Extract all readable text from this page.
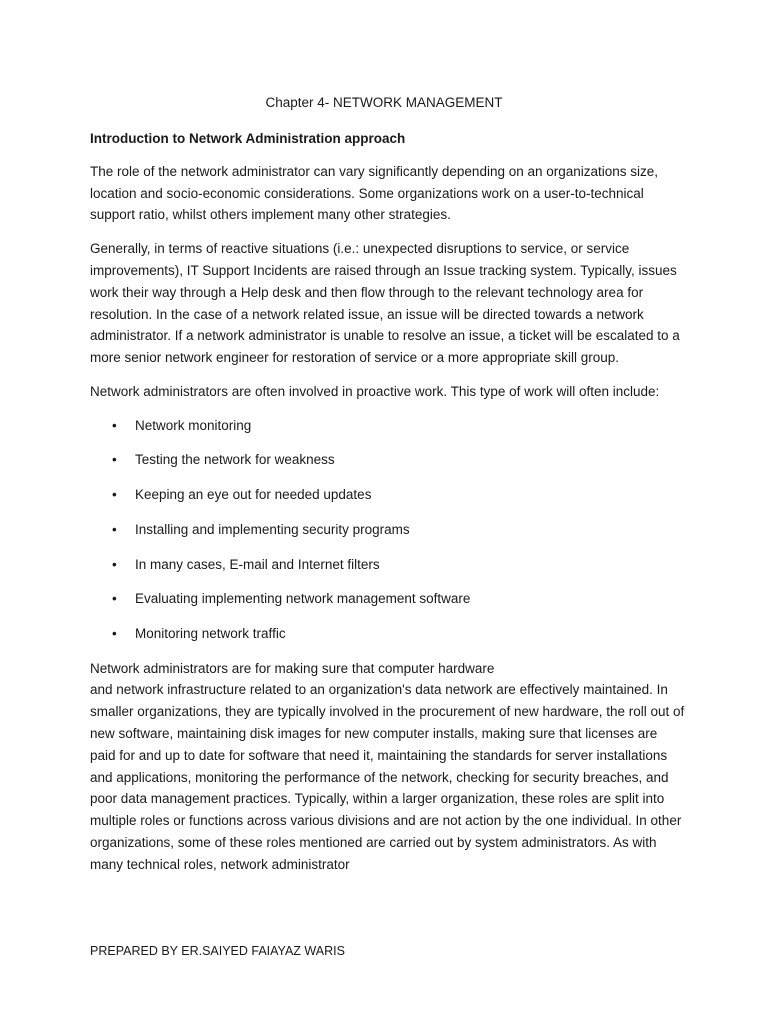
Chapter 4- NETWORK MANAGEMENT

Introduction to Network Administration approach

The role of the network administrator can vary significantly depending on an organizations size, location and socio-economic considerations. Some organizations work on a user-to-technical support ratio, whilst others implement many other strategies.

Generally, in terms of reactive situations (i.e.: unexpected disruptions to service, or service improvements), IT Support Incidents are raised through an Issue tracking system. Typically, issues work their way through a Help desk and then flow through to the relevant technology area for resolution. In the case of a network related issue, an issue will be directed towards a network administrator. If a network administrator is unable to resolve an issue, a ticket will be escalated to a more senior network engineer for restoration of service or a more appropriate skill group.

Network administrators are often involved in proactive work. This type of work will often include:

• Network monitoring
• Testing the network for weakness
• Keeping an eye out for needed updates
• Installing and implementing security programs
• In many cases, E-mail and Internet filters
• Evaluating implementing network management software
• Monitoring network traffic

Network administrators are for making sure that computer hardware
and network infrastructure related to an organization's data network are effectively maintained. In smaller organizations, they are typically involved in the procurement of new hardware, the roll out of new software, maintaining disk images for new computer installs, making sure that licenses are paid for and up to date for software that need it, maintaining the standards for server installations and applications, monitoring the performance of the network, checking for security breaches, and poor data management practices. Typically, within a larger organization, these roles are split into multiple roles or functions across various divisions and are not action by the one individual. In other organizations, some of these roles mentioned are carried out by system administrators. As with many technical roles, network administrator

PREPARED BY ER.SAIYED FAIAYAZ WARIS
